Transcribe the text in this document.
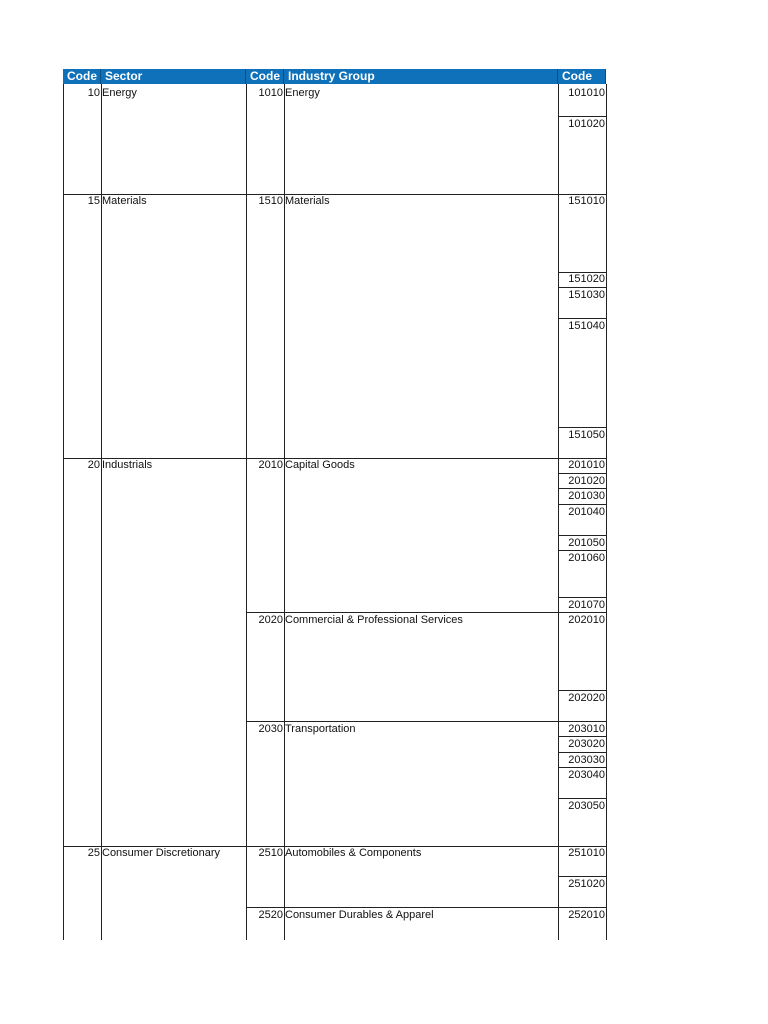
Code Sector	Code Industry Group	Code
10 Energy
15 Materials
20 Industrials
25 Consumer Discretionary
1010 Energy
1510 Materials
2010 Capital Goods
2020 Commercial & Professional Services
2030 Transportation
2510 Automobiles & Components
2520 Consumer Durables & Apparel
101010
101020
151010
151020
151030
151040
151050
201010
201020
201030
201040
201050
201060
201070
202010
202020
203010
203020
203030
203040
203050
251010
251020
252010
